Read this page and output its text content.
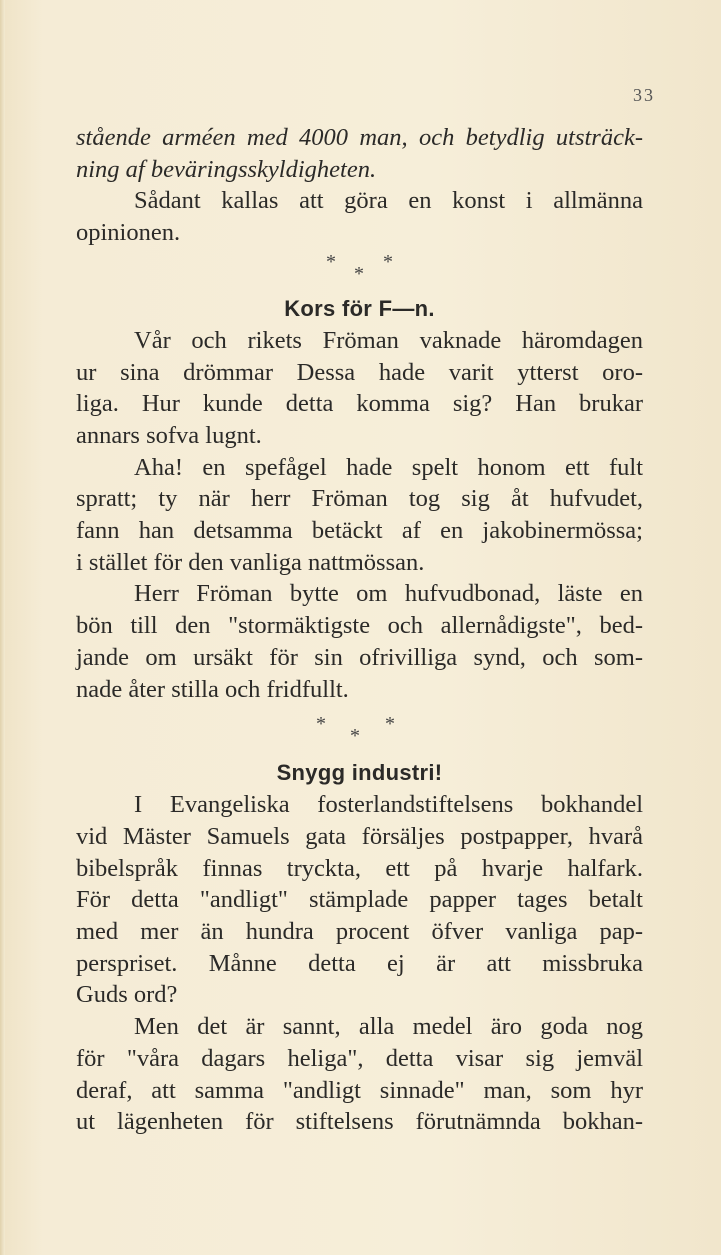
33
stående arméen med 4000 man, och betydlig utsträck-
ning af beväringsskyldigheten.
Sådant kallas att göra en konst i allmänna
opinionen.
* *
*
Kors för F—n.
Vår och rikets Fröman vaknade häromdagen
ur sina drömmar Dessa hade varit ytterst oro-
liga. Hur kunde detta komma sig? Han brukar
annars sofva lugnt.
Aha! en spefågel hade spelt honom ett fult
spratt; ty när herr Fröman tog sig åt hufvudet,
fann han detsamma betäckt af en jakobinermössa;
i stället för den vanliga nattmössan.
Herr Fröman bytte om hufvudbonad, läste en
bön till den "stormäktigste och allernådigste", bed-
jande om ursäkt för sin ofrivilliga synd, och som-
nade åter stilla och fridfullt.
*	*
*
Snygg industri!
I Evangeliska fosterlandstiftelsens bokhandel
vid Mäster Samuels gata försäljes postpapper, hvarå
bibelspråk finnas tryckta, ett på hvarje halfark.
För detta "andligt" stämplade papper tages betalt
med mer än hundra procent öfver vanliga pap-
perspriset. Månne detta ej är att missbruka
Guds ord?
Men det är sannt, alla medel äro goda nog
för "våra dagars heliga", detta visar sig jemväl
deraf, att samma "andligt sinnade" man, som hyr
ut lägenheten för stiftelsens förutnämnda bokhan-
